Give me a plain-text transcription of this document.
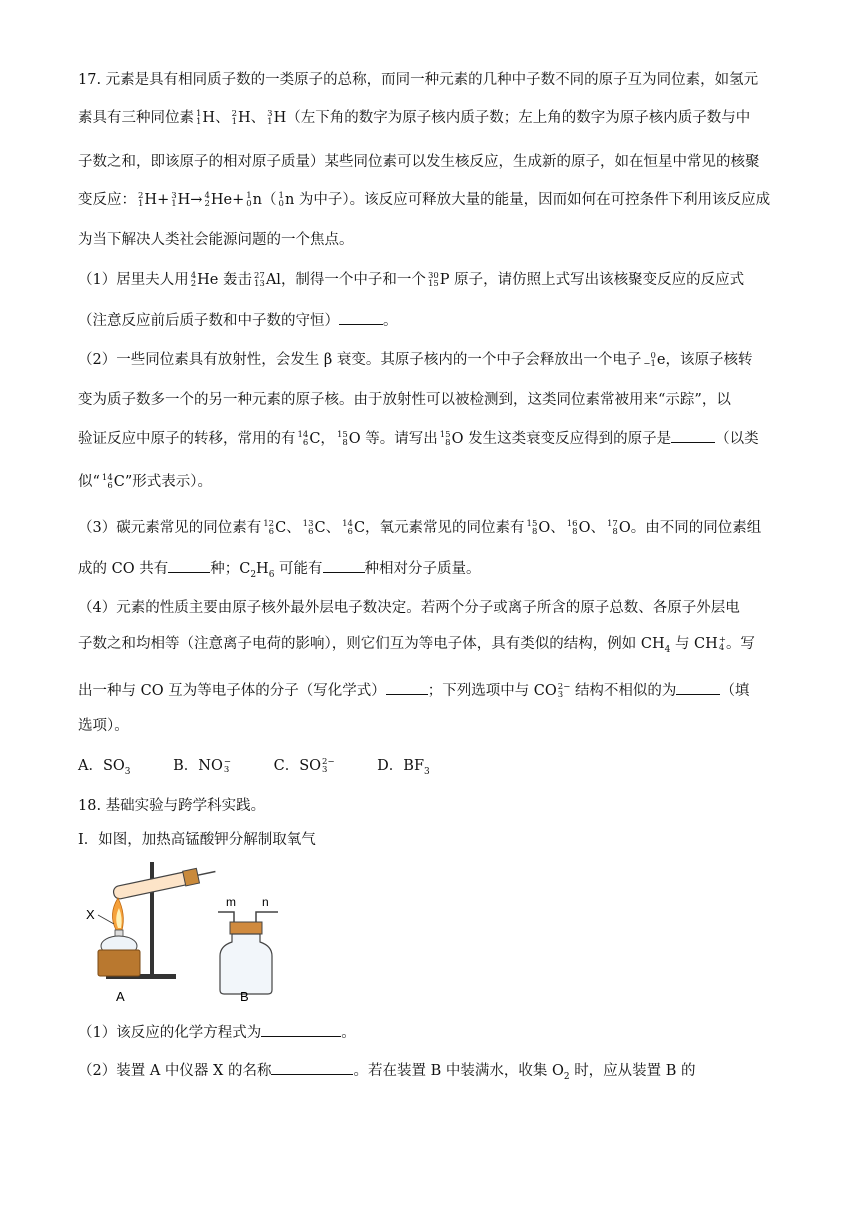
17. 元素是具有相同质子数的一类原子的总称，而同一种元素的几种中子数不同的原子互为同位素，如氢元
素具有三种同位素 1
1 H、 2
1 H、 3
1 H（左下角的数字为原子核内质子数；左上角的数字为原子核内质子数与中
子数之和，即该原子的相对原子质量）某些同位素可以发生核反应，生成新的原子，如在恒星中常见的核聚
变反应： 2
1 H+ 3
1 H→ 4
2 He+ 1
0 n（ 1
0 n 为中子）。该反应可释放大量的能量，因而如何在可控条件下利用该反应成
为当下解决人类社会能源问题的一个焦点。
（1）居里夫人用 4
2 He 轰击 27
13 Al，制得一个中子和一个 30
15 P 原子，请仿照上式写出该核聚变反应的反应式
（注意反应前后质子数和中子数的守恒）	。
（2）一些同位素具有放射性，会发生 β 衰变。其原子核内的一个中子会释放出一个电子	0
−1 e，该原子核转
变为质子数多一个的另一种元素的原子核。由于放射性可以被检测到，这类同位素常被用来“示踪”，以
验证反应中原子的转移，常用的有 14
6 C， 15
8 O 等。请写出 15
8 O 发生这类衰变反应得到的原子是	（以类
似“ 14
6 C”形式表示）。
（3）碳元素常见的同位素有 12
6 C、 13
6 C、 14
6 C，氧元素常见的同位素有 15
8 O、 16
8 O、 17
8 O。由不同的同位素组
成的 CO 共有	种；$C_2H_6$ 可能有	种相对分子质量。
（4）元素的性质主要由原子核外最外层电子数决定。若两个分子或离子所含的原子总数、各原子外层电
子数之和均相等（注意离子电荷的影响），则它们互为等电子体，具有类似的结构，例如 $CH_4$ 与 CH +
4 。写
出一种与 CO 互为等电子体的分子（写化学式）	；下列选项中与 CO 2−
3 结构不相似的为	（填
选项）。
A．$SO_3$	B．NO −
3	C．SO 2−
3	D．$BF_3$
18. 基础实验与跨学科实践。
Ⅰ．如图，加热高锰酸钾分解制取氧气
X
A
m n
B
（1）该反应的化学方程式为	。
（2）装置 A 中仪器 X 的名称	。若在装置 B 中装满水，收集 $O_2$ 时，应从装置 B 的
